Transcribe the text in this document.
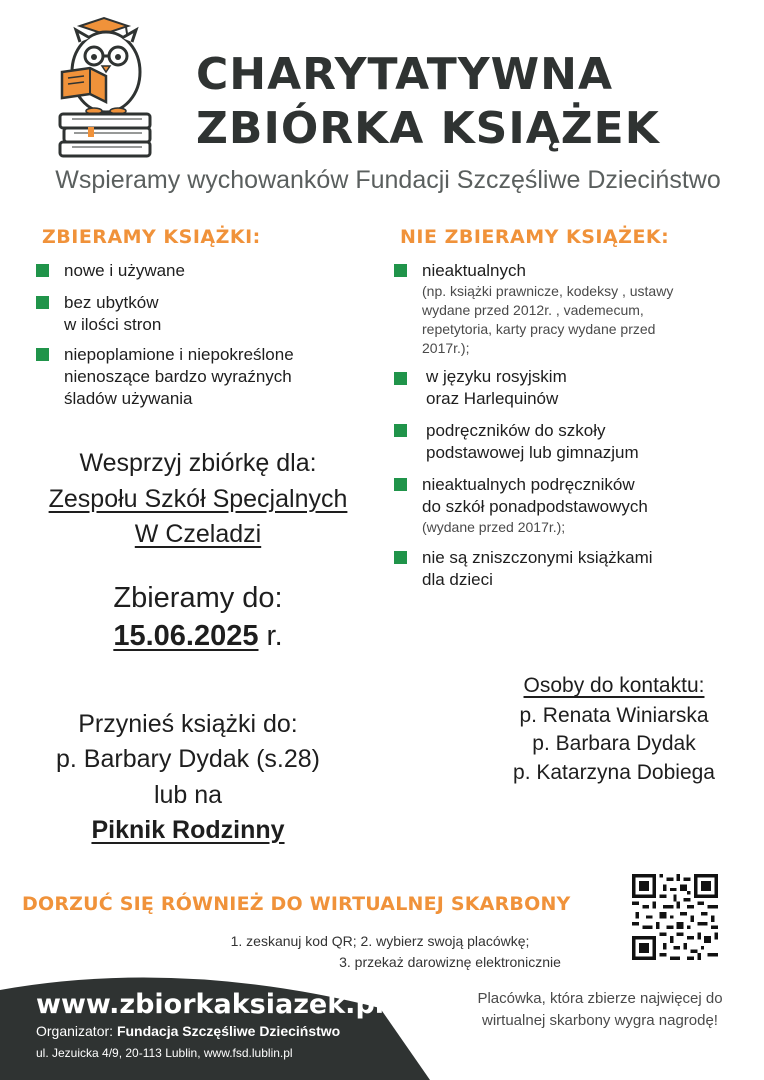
CHARYTATYWNA
ZBIÓRKA KSIĄŻEK
Wspieramy wychowanków Fundacji Szczęśliwe Dzieciństwo
ZBIERAMY KSIĄŻKI:
nowe i używane
bez ubytków
w ilości stron
niepoplamione i niepokreślone
nienoszące bardzo wyraźnych
śladów używania
NIE ZBIERAMY KSIĄŻEK:
nieaktualnych
(np. książki prawnicze, kodeksy , ustawy
wydane przed 2012r. , vademecum,
repetytoria, karty pracy wydane przed
2017r.);
w języku rosyjskim
oraz Harlequinów
podręczników do szkoły
podstawowej lub gimnazjum
nieaktualnych podręczników
do szkół ponadpodstawowych
(wydane przed 2017r.);
nie są zniszczonymi książkami
dla dzieci
Wesprzyj zbiórkę dla:
Zespołu Szkół Specjalnych
W Czeladzi
Zbieramy do:
15.06.2025 r.
Przynieś książki do:
p. Barbary Dydak (s.28)
lub na
Piknik Rodzinny
Osoby do kontaktu:
p. Renata Winiarska
p. Barbara Dydak
p. Katarzyna Dobiega
DORZUĆ SIĘ RÓWNIEŻ DO WIRTUALNEJ SKARBONY
1. zeskanuj kod QR; 2. wybierz swoją placówkę;
3. przekaż darowiznę elektronicznie
www.zbiorkaksiazek.pl
Organizator: Fundacja Szczęśliwe Dzieciństwo
ul. Jezuicka 4/9, 20-113 Lublin, www.fsd.lublin.pl
Placówka, która zbierze najwięcej do
wirtualnej skarbony wygra nagrodę!
